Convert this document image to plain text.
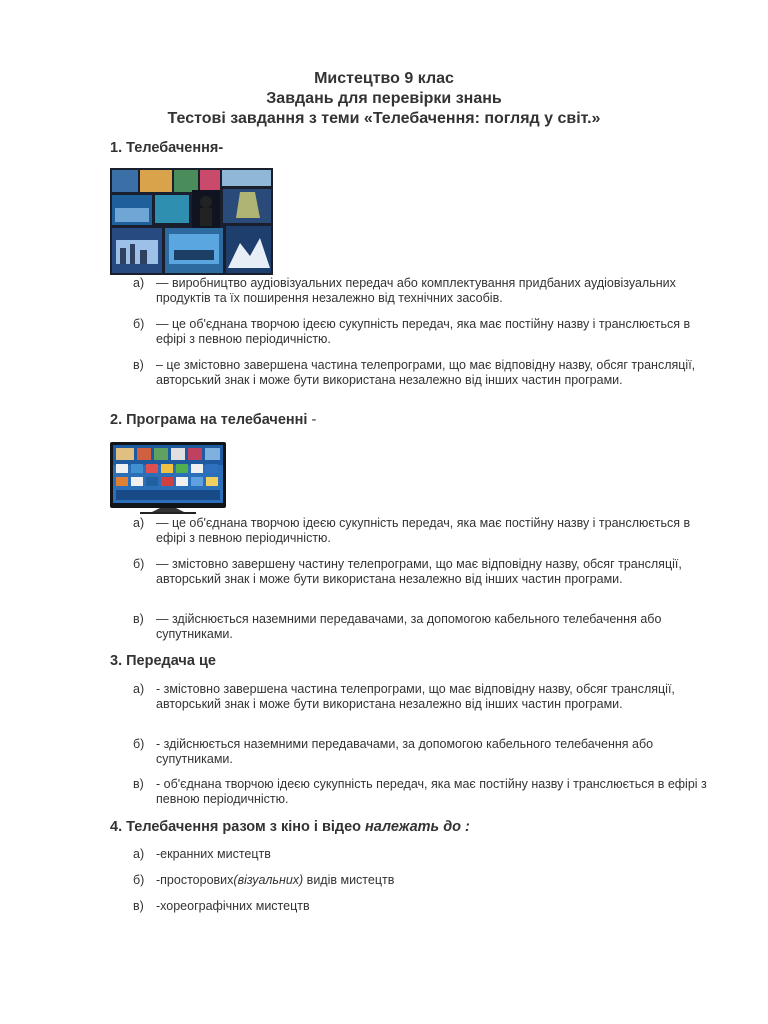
Мистецтво 9 клас
Завдань для перевірки знань
Тестові завдання з теми «Телебачення: погляд у світ.»
1. Телебачення-
а) — виробництво аудіовізуальних передач або комплектування придбаних аудіовізуальних продуктів та їх поширення незалежно від технічних засобів.
б) — це об'єднана творчою ідеєю сукупність передач, яка має постійну назву і транслюється в ефірі з певною періодичністю.
в) – це змістовно завершена частина телепрограми, що має відповідну назву, обсяг трансляції, авторський знак і може бути використана незалежно від інших частин програми.
2. Програма на телебаченні -
а) — це об'єднана творчою ідеєю сукупність передач, яка має постійну назву і транслюється в ефірі з певною періодичністю.
б) — змістовно завершену частину телепрограми, що має відповідну назву, обсяг трансляції, авторський знак і може бути використана незалежно від інших частин програми.
в) — здійснюється наземними передавачами, за допомогою кабельного телебачення або супутниками.
3. Передача це
а) - змістовно завершена частина телепрограми, що має відповідну назву, обсяг трансляції, авторський знак і може бути використана незалежно від інших частин програми.
б) - здійснюється наземними передавачами, за допомогою кабельного телебачення або супутниками.
в) - об'єднана творчою ідеєю сукупність передач, яка має постійну назву і транслюється в ефірі з певною періодичністю.
4. Телебачення разом з кіно і відео належать до :
а) -екранних мистецтв
б) -просторових(візуальних) видів мистецтв
в) -хореографічних мистецтв
